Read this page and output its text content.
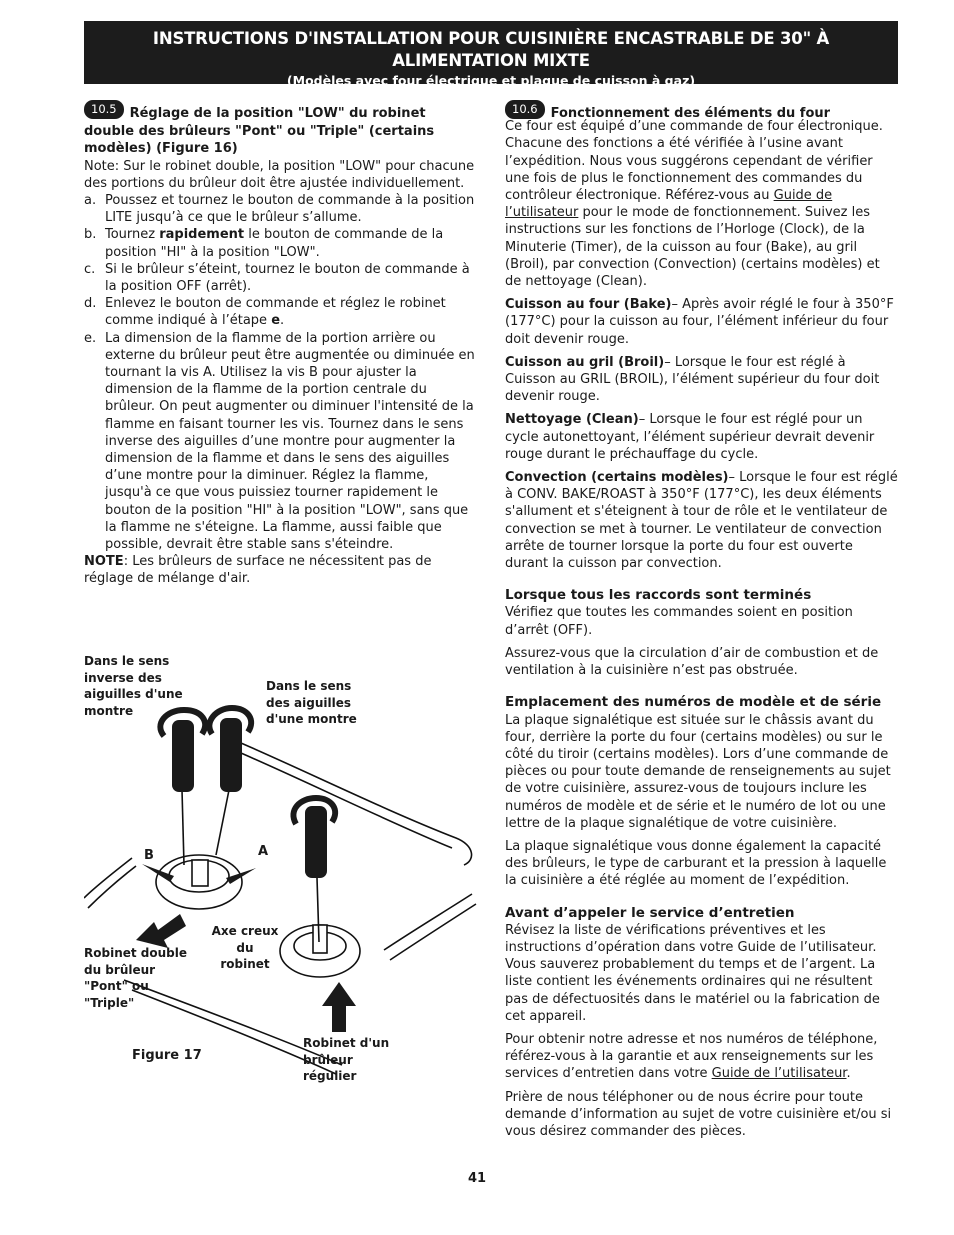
INSTRUCTIONS D'INSTALLATION POUR CUISINIÈRE ENCASTRABLE DE 30" À ALIMENTATION MIXTE
(Modèles avec four électrique et plaque de cuisson à gaz)

10.5 Réglage de la position "LOW" du robinet double des brûleurs "Pont" ou "Triple" (certains modèles) (Figure 16)

Note: Sur le robinet double, la position "LOW" pour chacune des portions du brûleur doit être ajustée individuellement.

a. Poussez et tournez le bouton de commande à la position LITE jusqu’à ce que le brûleur s’allume.
b. Tournez rapidement le bouton de commande de la position "HI" à la position "LOW".
c. Si le brûleur s’éteint, tournez le bouton de commande à la position OFF (arrêt).
d. Enlevez le bouton de commande et réglez le robinet comme indiqué à l’étape e.
e. La dimension de la flamme de la portion arrière ou externe du brûleur peut être augmentée ou diminuée en tournant la vis A. Utilisez la vis B pour ajuster la dimension de la flamme de la portion centrale du brûleur. On peut augmenter ou diminuer l'intensité de la flamme en faisant tourner les vis. Tournez dans le sens inverse des aiguilles d’une montre pour augmenter la dimension de la flamme et dans le sens des aiguilles d’une montre pour la diminuer. Réglez la flamme, jusqu'à ce que vous puissiez tourner rapidement le bouton de la position "HI" à la position "LOW", sans que la flamme ne s'éteigne. La flamme, aussi faible que possible, devrait être stable sans s'éteindre.

NOTE: Les brûleurs de surface ne nécessitent pas de réglage de mélange d'air.

Dans le sens inverse des aiguilles d'une montre
Dans le sens des aiguilles d'une montre
B	A
Axe creux du robinet
Robinet double du brûleur "Pont" ou "Triple"
Robinet d'un brûleur régulier
Figure 17

10.6 Fonctionnement des éléments du four

Ce four est équipé d’une commande de four électronique. Chacune des fonctions a été vérifiée à l’usine avant l’expédition. Nous vous suggérons cependant de vérifier une fois de plus le fonctionnement des commandes du contrôleur électronique. Référez-vous au Guide de l’utilisateur pour le mode de fonctionnement. Suivez les instructions sur les fonctions de l’Horloge (Clock), de la Minuterie (Timer), de la cuisson au four (Bake), au gril (Broil), par convection (Convection) (certains modèles) et de nettoyage (Clean).

Cuisson au four (Bake)– Après avoir réglé le four à 350°F (177°C) pour la cuisson au four, l’élément inférieur du four doit devenir rouge.

Cuisson au gril (Broil)– Lorsque le four est réglé à Cuisson au GRIL (BROIL), l’élément supérieur du four doit devenir rouge.

Nettoyage (Clean)– Lorsque le four est réglé pour un cycle autonettoyant, l’élément supérieur devrait devenir rouge durant le préchauffage du cycle.

Convection (certains modèles)– Lorsque le four est réglé à CONV. BAKE/ROAST à 350°F (177°C), les deux éléments s'allument et s'éteignent à tour de rôle et le ventilateur de convection se met à tourner. Le ventilateur de convection arrête de tourner lorsque la porte du four est ouverte durant la cuisson par convection.

Lorsque tous les raccords sont terminés

Vérifiez que toutes les commandes soient en position d’arrêt (OFF).

Assurez-vous que la circulation d’air de combustion et de ventilation à la cuisinière n’est pas obstruée.

Emplacement des numéros de modèle et de série

La plaque signalétique est située sur le châssis avant du four, derrière la porte du four (certains modèles) ou sur le côté du tiroir (certains modèles). Lors d’une commande de pièces ou pour toute demande de renseignements au sujet de votre cuisinière, assurez-vous de toujours inclure les numéros de modèle et de série et le numéro de lot ou une lettre de la plaque signalétique de votre cuisinière.

La plaque signalétique vous donne également la capacité des brûleurs, le type de carburant et la pression à laquelle la cuisinière a été réglée au moment de l’expédition.

Avant d’appeler le service d’entretien

Révisez la liste de vérifications préventives et les instructions d’opération dans votre Guide de l’utilisateur. Vous sauverez probablement du temps et de l’argent. La liste contient les événements ordinaires qui ne résultent pas de défectuosités dans le matériel ou la fabrication de cet appareil.

Pour obtenir notre adresse et nos numéros de téléphone, référez-vous à la garantie et aux renseignements sur les services d’entretien dans votre Guide de l’utilisateur.

Prière de nous téléphoner ou de nous écrire pour toute demande d’information au sujet de votre cuisinière et/ou si vous désirez commander des pièces.

41
